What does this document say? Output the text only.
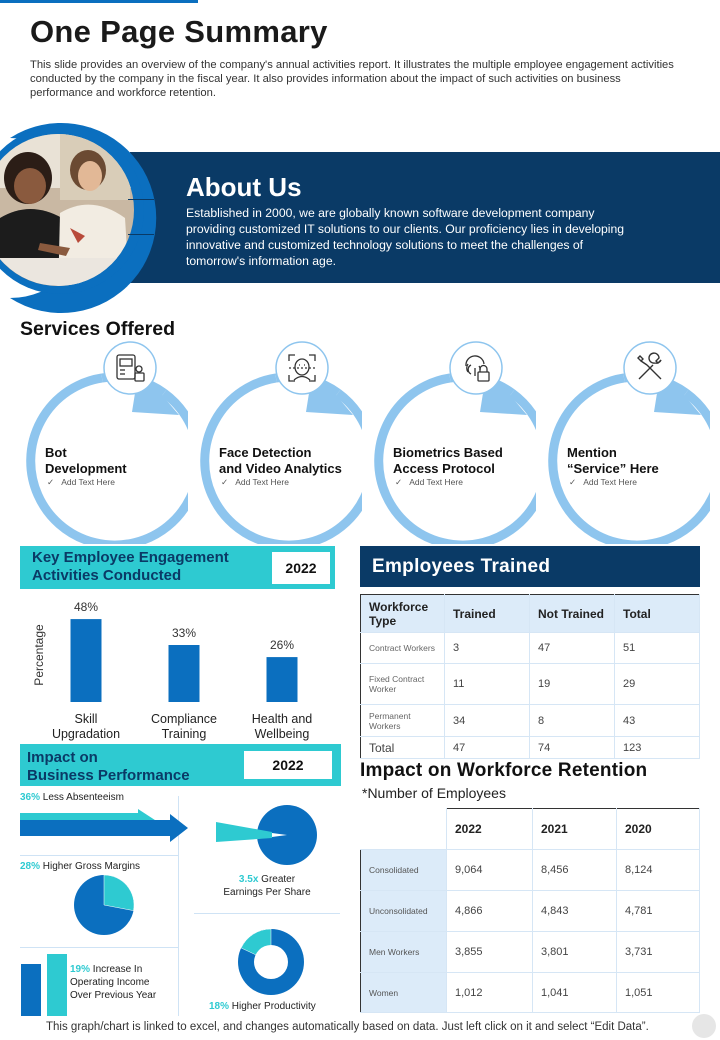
One Page Summary

This slide provides an overview of the company's annual activities report. It illustrates the multiple employee engagement activities conducted by the company in the fiscal year. It also provides information about the impact of such activities on business performance and workforce retention.

About Us

Established in 2000, we are globally known software development company providing customized IT solutions to our clients. Our proficiency lies in developing innovative and customized technology solutions to meet the challenges of tomorrow's information age.

Services Offered
Bot
Development
✓   Add Text Here
Face Detection
and Video Analytics
✓   Add Text Here
Biometrics Based
Access Protocol
✓   Add Text Here
Mention
“Service” Here
✓   Add Text Here
Key Employee Engagement
Activities Conducted	2022
Percentage
48%
Skill
Upgradation
33%
Compliance
Training
26%
Health and
Wellbeing
Employees Trained
Workforce Type	Trained	Not Trained	Total
Contract Workers	3	47	51
Fixed Contract Worker	11	19	29
Permanent Workers	34	8	43
Total	47	74	123
Impact on
Business Performance
2022
36% Less Absenteeism
28% Higher Gross Margins
3.5x Greater
Earnings Per Share
19% Increase In
Operating Income
Over Previous Year
18% Higher Productivity
Impact on Workforce Retention
*Number of Employees
	2022	2021	2020
Consolidated	9,064	8,456	8,124
Unconsolidated	4,866	4,843	4,781
Men Workers	3,855	3,801	3,731
Women	1,012	1,041	1,051
This graph/chart is linked to excel, and changes automatically based on data. Just left click on it and select “Edit Data”.
